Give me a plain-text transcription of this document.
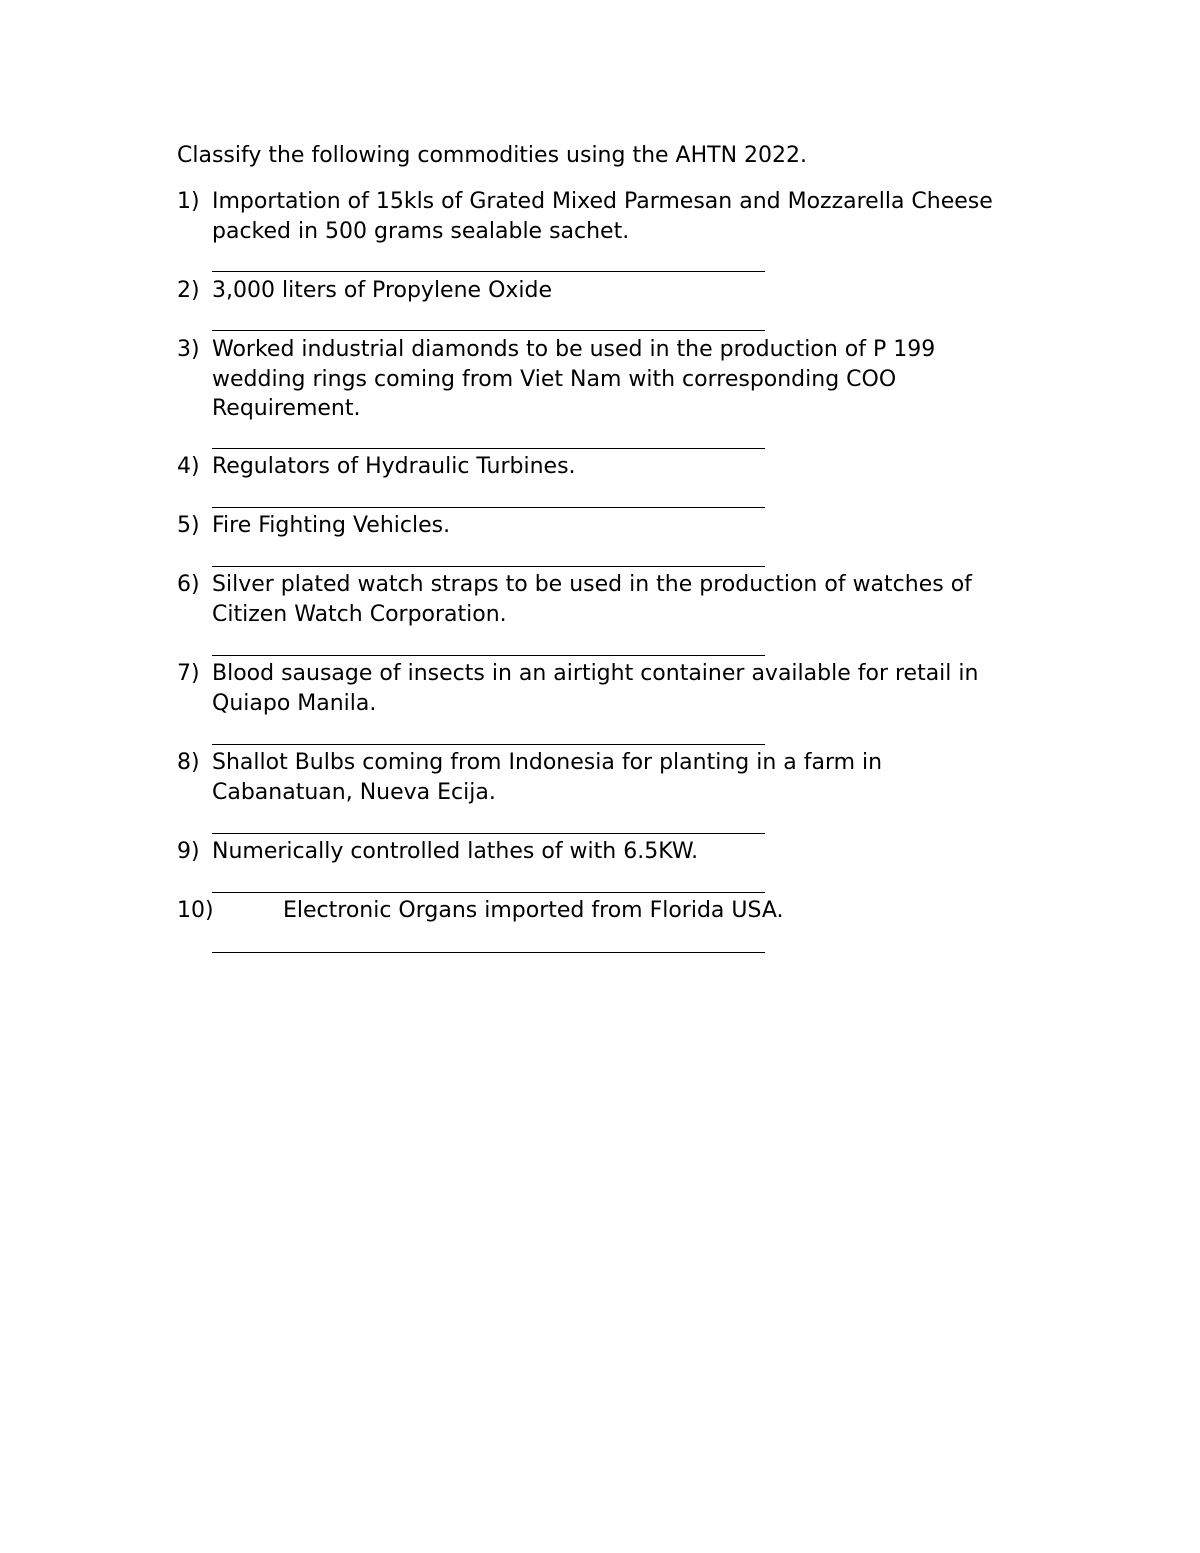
Classify the following commodities using the AHTN 2022.
1) Importation of 15kls of Grated Mixed Parmesan and Mozzarella Cheese
packed in 500 grams sealable sachet.
2) 3,000 liters of Propylene Oxide
3) Worked industrial diamonds to be used in the production of P 199
wedding rings coming from Viet Nam with corresponding COO
Requirement.
4) Regulators of Hydraulic Turbines.
5) Fire Fighting Vehicles.
6) Silver plated watch straps to be used in the production of watches of
Citizen Watch Corporation.
7) Blood sausage of insects in an airtight container available for retail in
Quiapo Manila.
8) Shallot Bulbs coming from Indonesia for planting in a farm in
Cabanatuan, Nueva Ecija.
9) Numerically controlled lathes of with 6.5KW.
10)	Electronic Organs imported from Florida USA.
